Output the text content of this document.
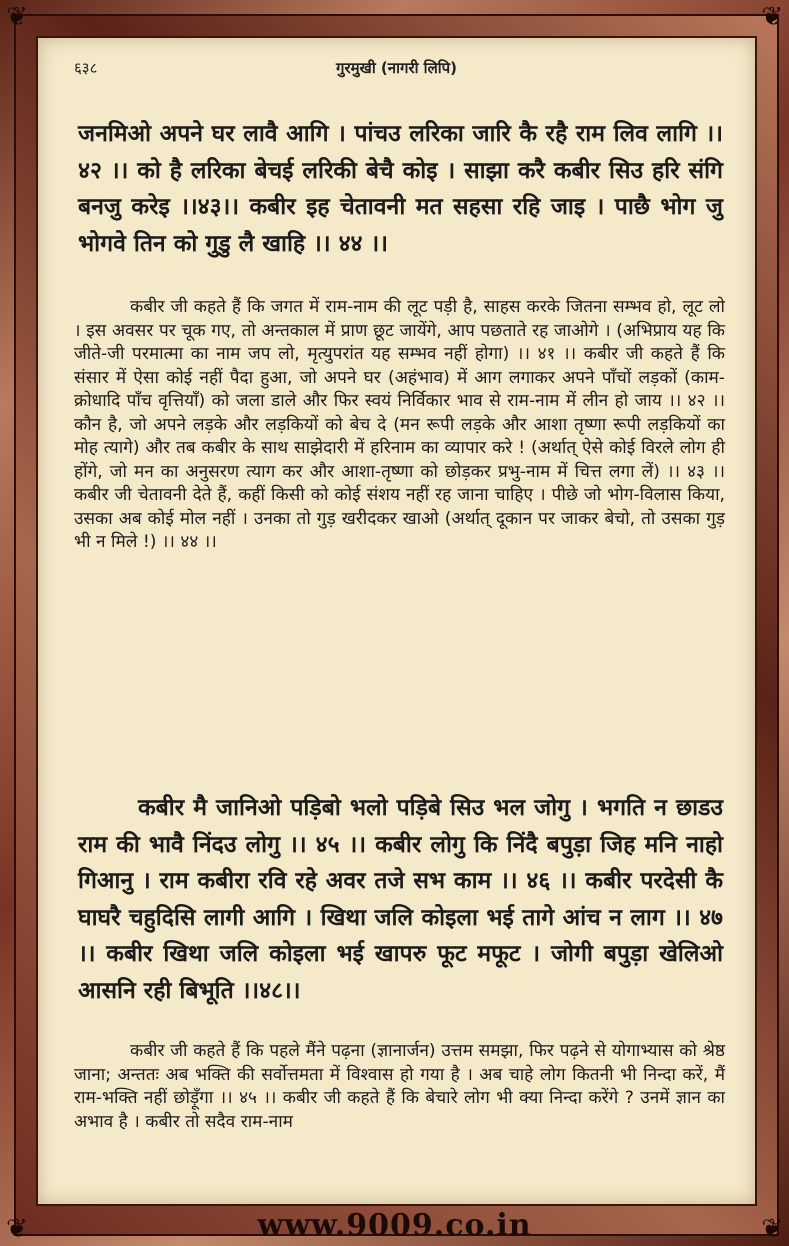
❦	❦
❦	❦
६३८	गुरमुखी (नागरी लिपि)
जनमिओ अपने घर लावै आगि । पांचउ लरिका जारि कै रहै राम लिव लागि ।। ४२ ।। को है लरिका बेचई लरिकी बेचै कोइ । साझा करै कबीर सिउ हरि संगि बनजु करेइ ।।४३।। कबीर इह चेतावनी मत सहसा रहि जाइ । पाछै भोग जु भोगवे तिन को गुडु लै खाहि ।। ४४ ।।
कबीर जी कहते हैं कि जगत में राम-नाम की लूट पड़ी है, साहस करके जितना सम्भव हो, लूट लो । इस अवसर पर चूक गए, तो अन्तकाल में प्राण छूट जायेंगे, आप पछताते रह जाओगे । (अभिप्राय यह कि जीते-जी परमात्मा का नाम जप लो, मृत्युपरांत यह सम्भव नहीं होगा) ।। ४१ ।। कबीर जी कहते हैं कि संसार में ऐसा कोई नहीं पैदा हुआ, जो अपने घर (अहंभाव) में आग लगाकर अपने पाँचों लड़कों (काम-क्रोधादि पाँच वृत्तियाँ) को जला डाले और फिर स्वयं निर्विकार भाव से राम-नाम में लीन हो जाय ।। ४२ ।। कौन है, जो अपने लड़के और लड़कियों को बेच दे (मन रूपी लड़के और आशा तृष्णा रूपी लड़कियों का मोह त्यागे) और तब कबीर के साथ साझेदारी में हरिनाम का व्यापार करे ! (अर्थात् ऐसे कोई विरले लोग ही होंगे, जो मन का अनुसरण त्याग कर और आशा-तृष्णा को छोड़कर प्रभु-नाम में चित्त लगा लें) ।। ४३ ।। कबीर जी चेतावनी देते हैं, कहीं किसी को कोई संशय नहीं रह जाना चाहिए । पीछे जो भोग-विलास किया, उसका अब कोई मोल नहीं । उनका तो गुड़ खरीदकर खाओ (अर्थात् दूकान पर जाकर बेचो, तो उसका गुड़ भी न मिले !) ।। ४४ ।।
कबीर मै जानिओ पड़िबो भलो पड़िबे सिउ भल जोगु । भगति न छाडउ राम की भावै निंदउ लोगु ।। ४५ ।। कबीर लोगु कि निंदै बपुड़ा जिह मनि नाहो गिआनु । राम कबीरा रवि रहे अवर तजे सभ काम ।। ४६ ।। कबीर परदेसी कै घाघरै चहुदिसि लागी आगि । खिथा जलि कोइला भई तागे आंच न लाग ।। ४७ ।। कबीर खिथा जलि कोइला भई खापरु फूट मफूट । जोगी बपुड़ा खेलिओ आसनि रही बिभूति ।।४८।।
कबीर जी कहते हैं कि पहले मैंने पढ़ना (ज्ञानार्जन) उत्तम समझा, फिर पढ़ने से योगाभ्यास को श्रेष्ठ जाना; अन्ततः अब भक्ति की सर्वोत्तमता में विश्वास हो गया है । अब चाहे लोग कितनी भी निन्दा करें, मैं राम-भक्ति नहीं छोड़ूँगा ।। ४५ ।। कबीर जी कहते हैं कि बेचारे लोग भी क्या निन्दा करेंगे ? उनमें ज्ञान का अभाव है । कबीर तो सदैव राम-नाम
www.9009.co.in
